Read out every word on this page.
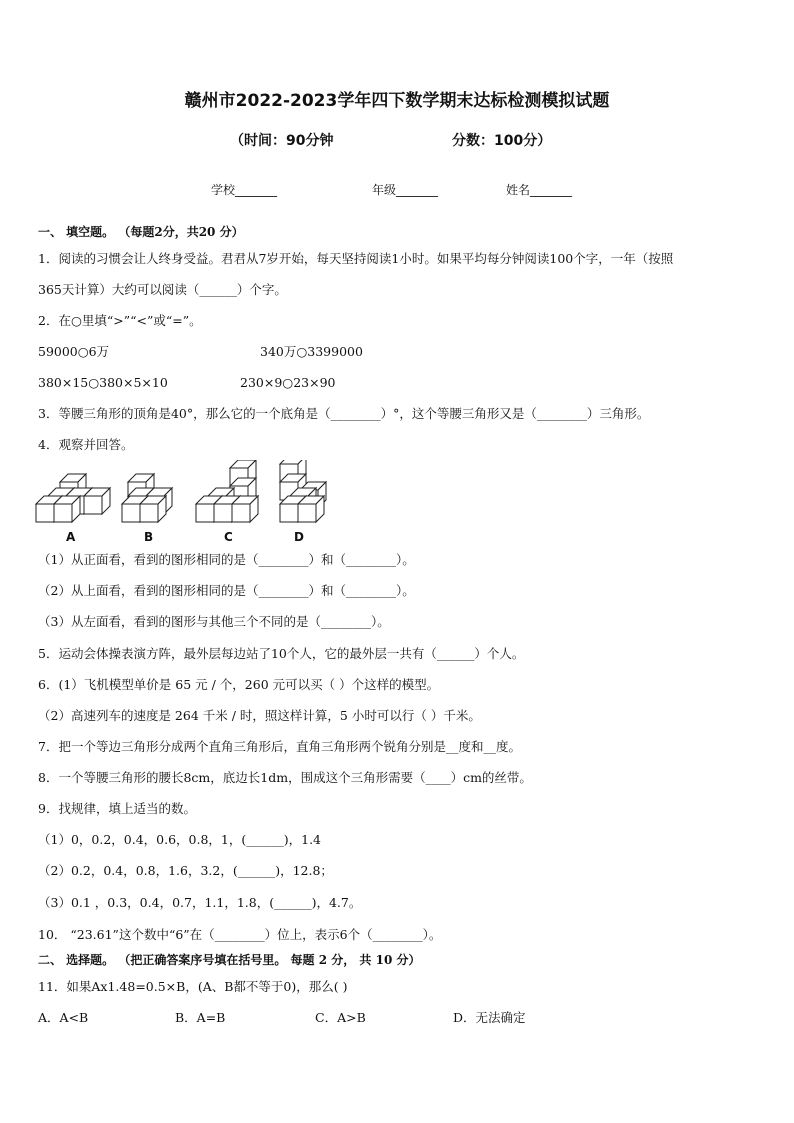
赣州市2022-2023学年四下数学期末达标检测模拟试题
（时间：90分钟	分数：100分）
学校_______	年级_______	姓名_______
一、 填空题。 （每题2分，共20 分）
1．阅读的习惯会让人终身受益。君君从7岁开始，每天坚持阅读1小时。如果平均每分钟阅读100个字，一年（按照
365天计算）大约可以阅读（______）个字。
2．在○里填“>”“<”或“=”。
59000○6万	340万○3399000
380×15○380×5×10	230×9○23×90
3．等腰三角形的顶角是40°，那么它的一个底角是（________）°，这个等腰三角形又是（________）三角形。
4．观察并回答。
A	B	C	D
（1）从正面看，看到的图形相同的是（________）和（________）。
（2）从上面看，看到的图形相同的是（________）和（________）。
（3）从左面看，看到的图形与其他三个不同的是（________）。
5．运动会体操表演方阵，最外层每边站了10个人，它的最外层一共有（______）个人。
6．(1）飞机模型单价是 65 元 / 个，260 元可以买（ ）个这样的模型。
（2）高速列车的速度是 264 千米 / 时，照这样计算，5 小时可以行（ ）千米。
7．把一个等边三角形分成两个直角三角形后，直角三角形两个锐角分别是__度和__度。
8．一个等腰三角形的腰长8cm，底边长1dm，围成这个三角形需要（____）cm的丝带。
9．找规律，填上适当的数。
（1）0，0.2，0.4，0.6，0.8，1，(______)，1.4
（2）0.2，0.4，0.8，1.6，3.2，(______)，12.8；
（3）0.1 ，0.3，0.4，0.7，1.1，1.8，(______)，4.7。
10． “23.61”这个数中“6”在（________）位上，表示6个（________）。
二、 选择题。 （把正确答案序号填在括号里。 每题 2 分， 共 10 分）
11．如果Ax1.48=0.5×B，(A、B都不等于0)，那么( )
A．A<B	B．A=B	C．A>B	D．无法确定
